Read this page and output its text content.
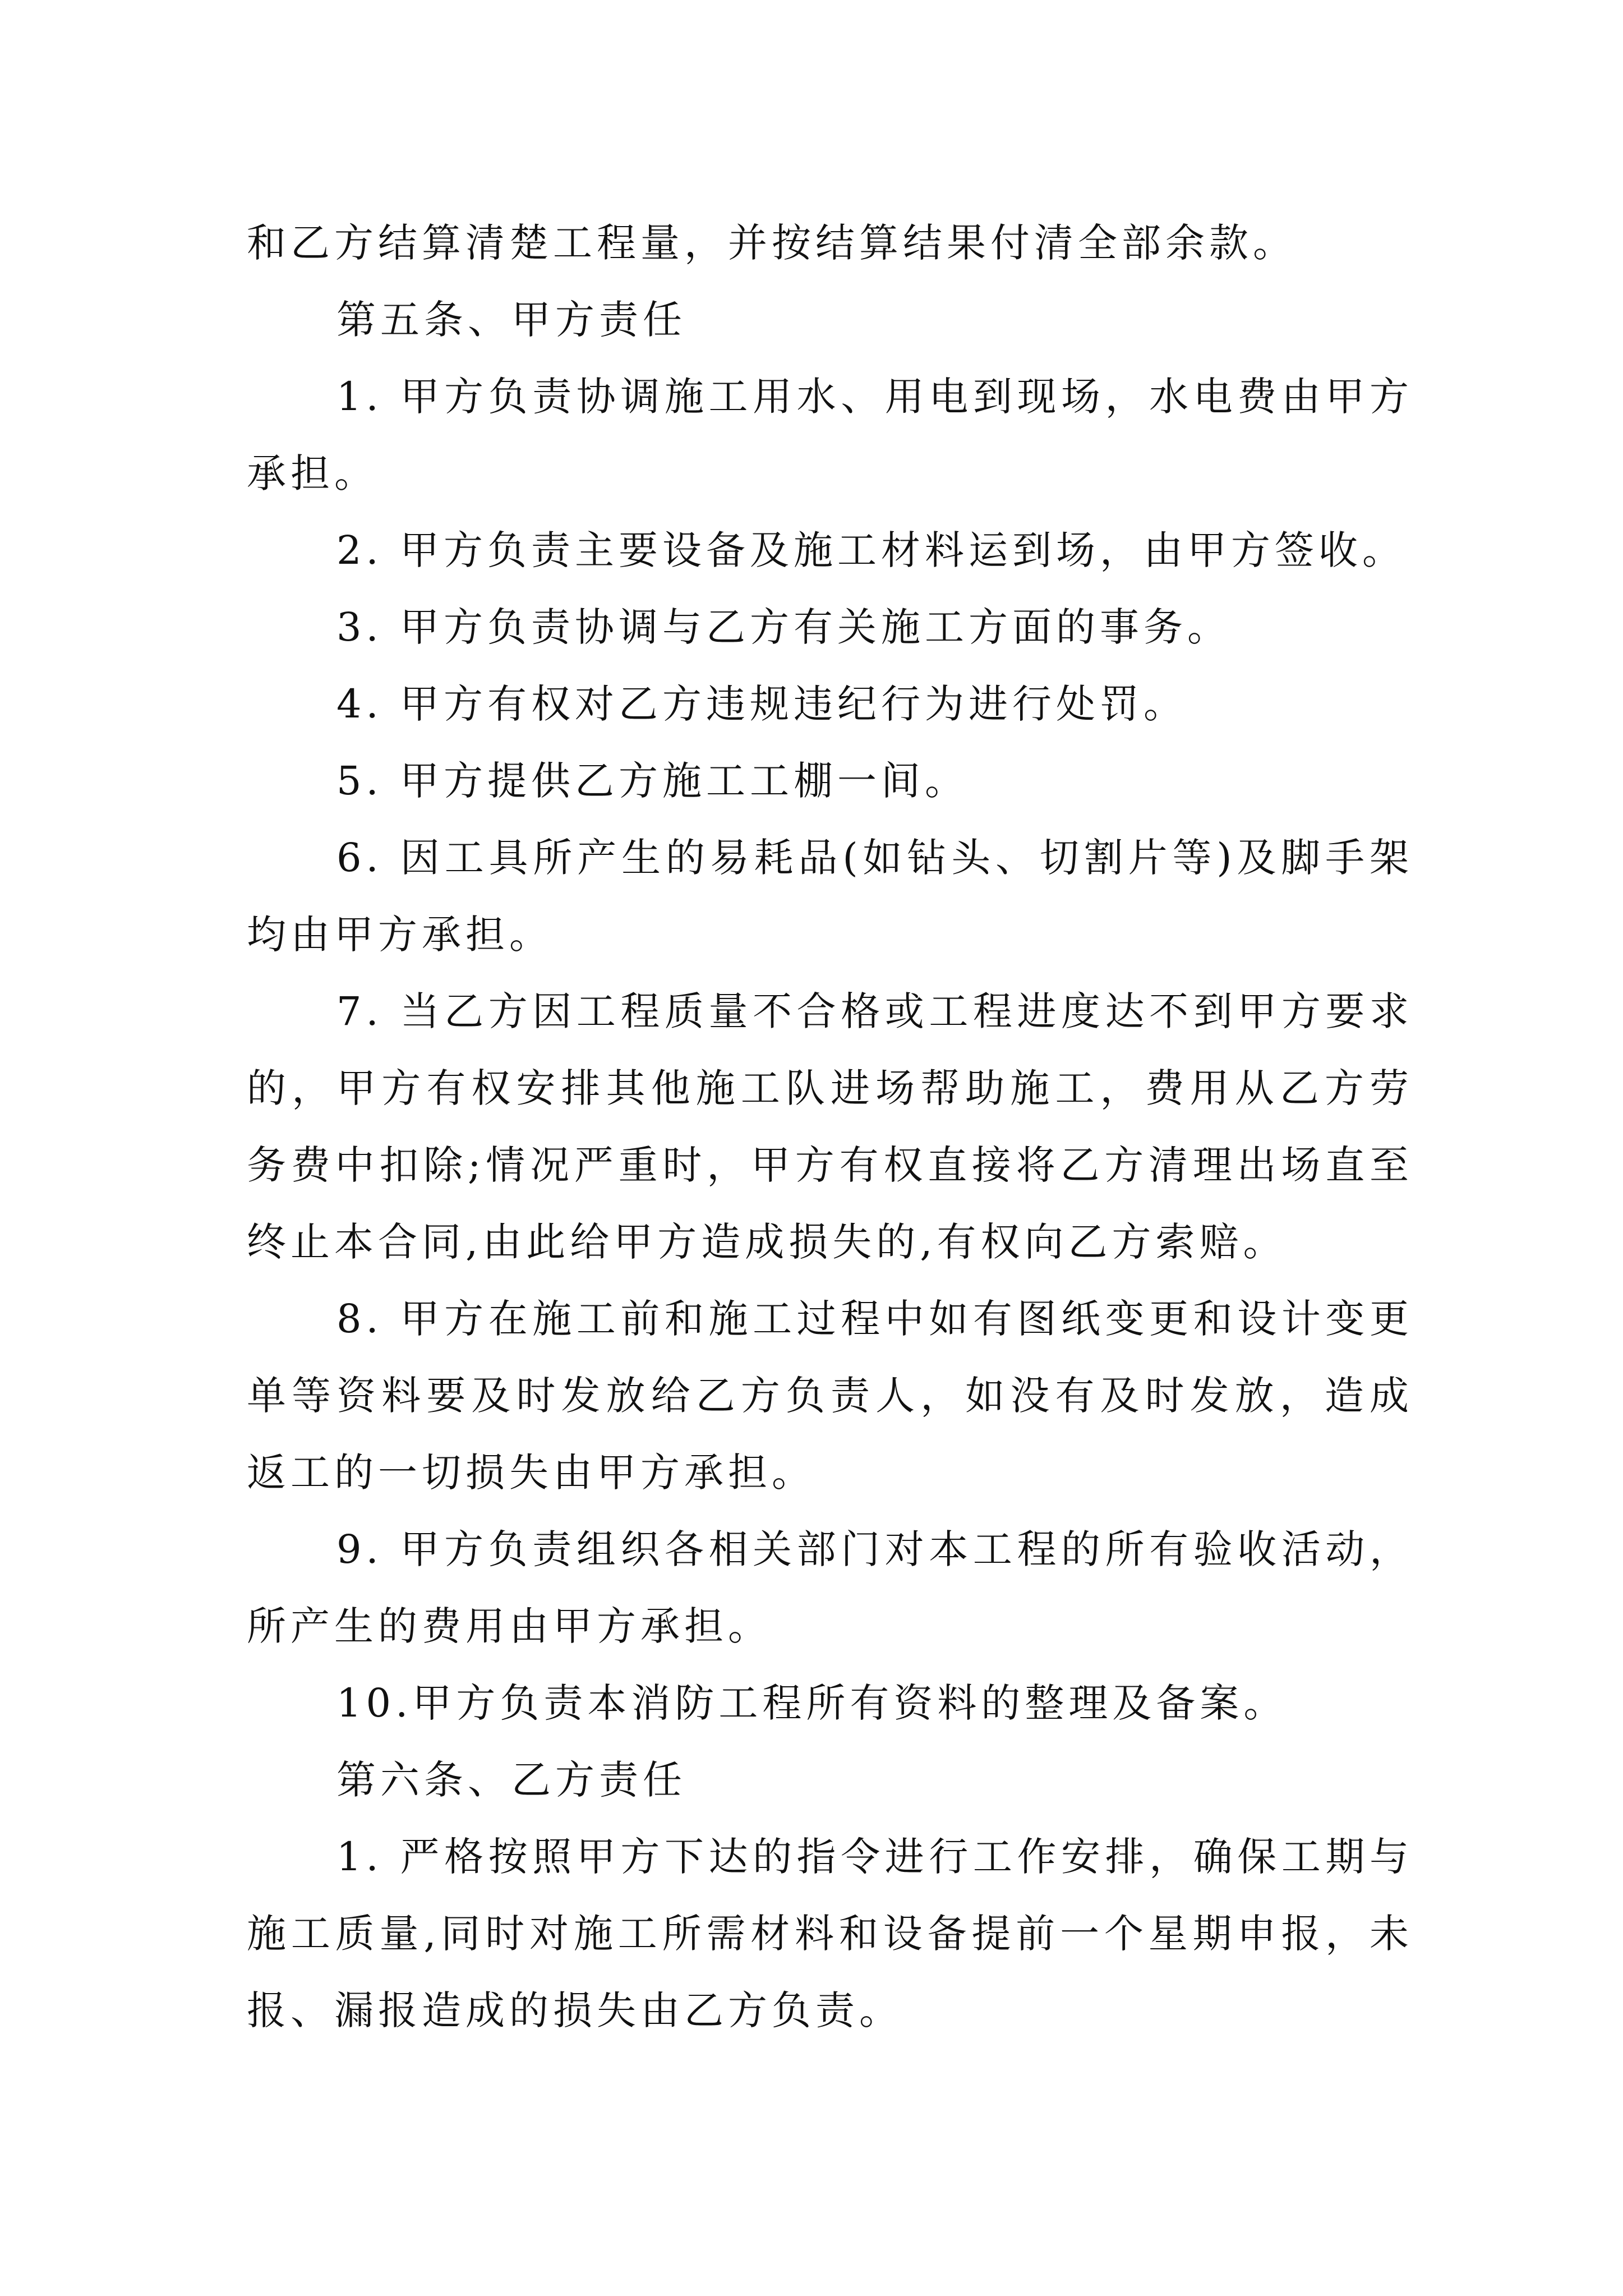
和乙方结算清楚工程量，并按结算结果付清全部余款。

第五条、甲方责任

1. 甲方负责协调施工用水、用电到现场，水电费由甲方承担。

2. 甲方负责主要设备及施工材料运到场，由甲方签收。

3. 甲方负责协调与乙方有关施工方面的事务。

4. 甲方有权对乙方违规违纪行为进行处罚。

5. 甲方提供乙方施工工棚一间。

6. 因工具所产生的易耗品(如钻头、切割片等)及脚手架均由甲方承担。

7. 当乙方因工程质量不合格或工程进度达不到甲方要求的，甲方有权安排其他施工队进场帮助施工，费用从乙方劳务费中扣除;情况严重时，甲方有权直接将乙方清理出场直至终止本合同,由此给甲方造成损失的,有权向乙方索赔。

8. 甲方在施工前和施工过程中如有图纸变更和设计变更单等资料要及时发放给乙方负责人，如没有及时发放，造成返工的一切损失由甲方承担。

9. 甲方负责组织各相关部门对本工程的所有验收活动，所产生的费用由甲方承担。

10.甲方负责本消防工程所有资料的整理及备案。

第六条、乙方责任

1. 严格按照甲方下达的指令进行工作安排，确保工期与施工质量,同时对施工所需材料和设备提前一个星期申报，未报、漏报造成的损失由乙方负责。
